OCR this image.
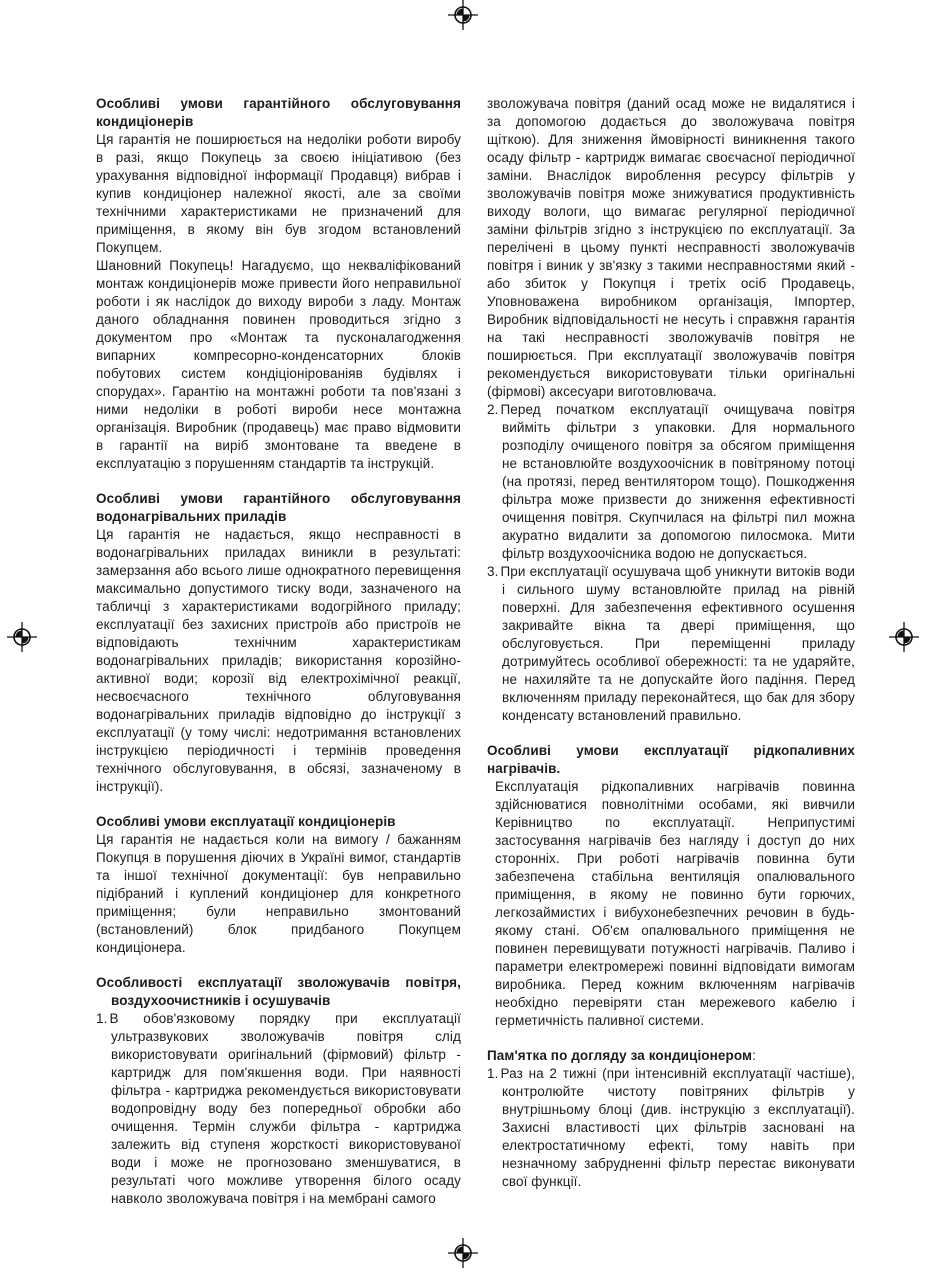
Особливі умови гарантійного обслуговування кондиціонерів

Ця гарантія не поширюється на недоліки роботи виробу в разі, якщо Покупець за своєю ініціативою (без урахування відповідної інформації Продавця) вибрав і купив кондиціонер належної якості, але за своїми технічними характеристиками не призначений для приміщення, в якому він був згодом встановлений Покупцем.

Шановний Покупець! Нагадуємо, що некваліфікований монтаж кондиціонерів може привести його неправильної роботи і як наслідок до виходу вироби з ладу. Монтаж даного обладнання повинен проводиться згідно з документом про «Монтаж та пусконалагодження випарних компресорно-конденсаторних блоків побутових систем кондіціонірованіяв будівлях і спорудах». Гарантію на монтажні роботи та пов'язані з ними недоліки в роботі вироби несе монтажна організація. Виробник (продавець) має право відмовити в гарантії на виріб змонтоване та введене в експлуатацію з порушенням стандартів та інструкцій.

Особливі умови гарантійного обслуговування водонагрівальних приладів

Ця гарантія не надається, якщо несправності в водонагрівальних приладах виникли в результаті: замерзання або всього лише однократного перевищення максимально допустимого тиску води, зазначеного на табличці з характеристиками водогрійного приладу; експлуатації без захисних пристроїв або пристроїв не відповідають технічним характеристикам водонагрівальних приладів; використання корозійно-активної води; корозії від електрохімічної реакції, несвоєчасного технічного облуговування водонагрівальних приладів відповідно до інструкції з експлуатації (у тому числі: недотримання встановлених інструкцією періодичності і термінів проведення технічного обслуговування, в обсязі, зазначеному в інструкції).

Особливі умови експлуатації кондиціонерів

Ця гарантія не надається коли на вимогу / бажанням Покупця в порушення діючих в Україні вимог, стандартів та іншої технічної документації: був неправильно підібраний і куплений кондиціонер для конкретного приміщення; були неправильно змонтований (встановлений) блок придбаного Покупцем кондиціонера.

Особливості експлуатації зволожувачів повітря, воздухоочистників і осушувачів
1. В обов'язковому порядку при експлуатації ультразвукових зволожувачів повітря слід використовувати оригінальний (фірмовий) фільтр - картридж для пом'якшення води. При наявності фільтра - картриджа рекомендується використовувати водопровідну воду без попередньої обробки або очищення. Термін служби фільтра - картриджа залежить від ступеня жорсткості використовуваної води і може не прогнозовано зменшуватися, в результаті чого можливе утворення білого осаду навколо зволожувача повітря і на мембрані самого

зволожувача повітря (даний осад може не видалятися і за допомогою додається до зволожувача повітря щіткою). Для зниження ймовірності виникнення такого осаду фільтр - картридж вимагає своєчасної періодичної заміни. Внаслідок вироблення ресурсу фільтрів у зволожувачів повітря може знижуватися продуктивність виходу вологи, що вимагає регулярної періодичної заміни фільтрів згідно з інструкцією по експлуатації. За перелічені в цьому пункті несправності зволожувачів повітря і виник у зв'язку з такими несправностями який - або збиток у Покупця і третіх осіб Продавець, Уповноважена виробником організація, Імпортер, Виробник відповідальності не несуть і справжня гарантія на такі несправності зволожувачів повітря не поширюється. При експлуатації зволожувачів повітря рекомендується використовувати тільки оригінальні (фірмові) аксесуари виготовлювача.

2. Перед початком експлуатації очищувача повітря вийміть фільтри з упаковки. Для нормального розподілу очищеного повітря за обсягом приміщення не встановлюйте воздухоочісник в повітряному потоці (на протязі, перед вентилятором тощо). Пошкодження фільтра може призвести до зниження ефективності очищення повітря. Скупчилася на фільтрі пил можна акуратно видалити за допомогою пилосмока. Мити фільтр воздухоочісника водою не допускається.
3. При експлуатації осушувача щоб уникнути витоків води і сильного шуму встановлюйте прилад на рівній поверхні. Для забезпечення ефективного осушення закривайте вікна та двері приміщення, що обслуговується. При переміщенні приладу дотримуйтесь особливої обережності: та не ударяйте, не нахиляйте та не допускайте його падіння. Перед включенням приладу переконайтеся, що бак для збору конденсату встановлений правильно.
Особливі умови експлуатації рідкопаливних нагрівачів.

Експлуатація рідкопаливних нагрівачів повинна здійснюватися повнолітніми особами, які вивчили Керівництво по експлуатації. Неприпустимі застосування нагрівачів без нагляду і доступ до них сторонніх. При роботі нагрівачів повинна бути забезпечена стабільна вентиляція опалювального приміщення, в якому не повинно бути горючих, легкозаймистих і вибухонебезпечних речовин в будь-якому стані. Об'єм опалювального приміщення не повинен перевищувати потужності нагрівачів. Паливо і параметри електромережі повинні відповідати вимогам виробника. Перед кожним включенням нагрівачів необхідно перевіряти стан мережевого кабелю і герметичність паливної системи.

Пам'ятка по догляду за кондиціонером:
1. Раз на 2 тижні (при інтенсивній експлуатації частіше), контролюйте чистоту повітряних фільтрів у внутрішньому блоці (див. інструкцію з експлуатації). Захисні властивості цих фільтрів засновані на електростатичному ефекті, тому навіть при незначному забрудненні фільтр перестає виконувати свої функції.
